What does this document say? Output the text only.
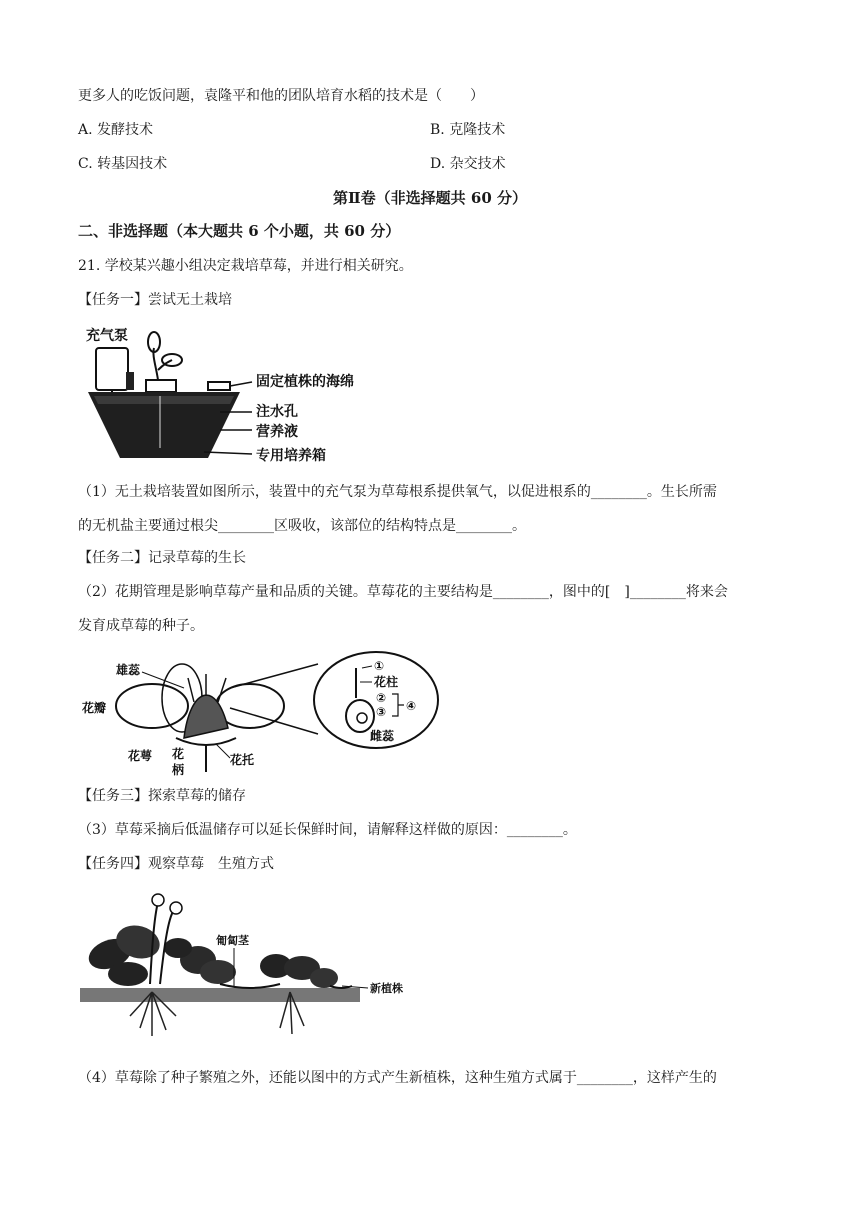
更多人的吃饭问题，袁隆平和他的团队培育水稻的技术是（　　）
A. 发酵技术	B. 克隆技术
C. 转基因技术	D. 杂交技术
第Ⅱ卷（非选择题共 60 分）
二、非选择题（本大题共 6 个小题，共 60 分）
21. 学校某兴趣小组决定栽培草莓，并进行相关研究。
【任务一】尝试无土栽培
充气泵
固定植株的海绵
注水孔
营养液
专用培养箱
（1）无土栽培装置如图所示，装置中的充气泵为草莓根系提供氧气，以促进根系的________。生长所需
的无机盐主要通过根尖________区吸收，该部位的结构特点是________。
【任务二】记录草莓的生长
（2）花期管理是影响草莓产量和品质的关键。草莓花的主要结构是________，图中的[　]________将来会
发育成草莓的种子。
雄蕊
花瓣
花萼 花
柄
花托
①
花柱
②
③ ④
雌蕊
【任务三】探索草莓的储存
（3）草莓采摘后低温储存可以延长保鲜时间，请解释这样做的原因：________。
【任务四】观察草莓　生殖方式
匍匐茎
新植株
（4）草莓除了种子繁殖之外，还能以图中的方式产生新植株，这种生殖方式属于________，这样产生的
